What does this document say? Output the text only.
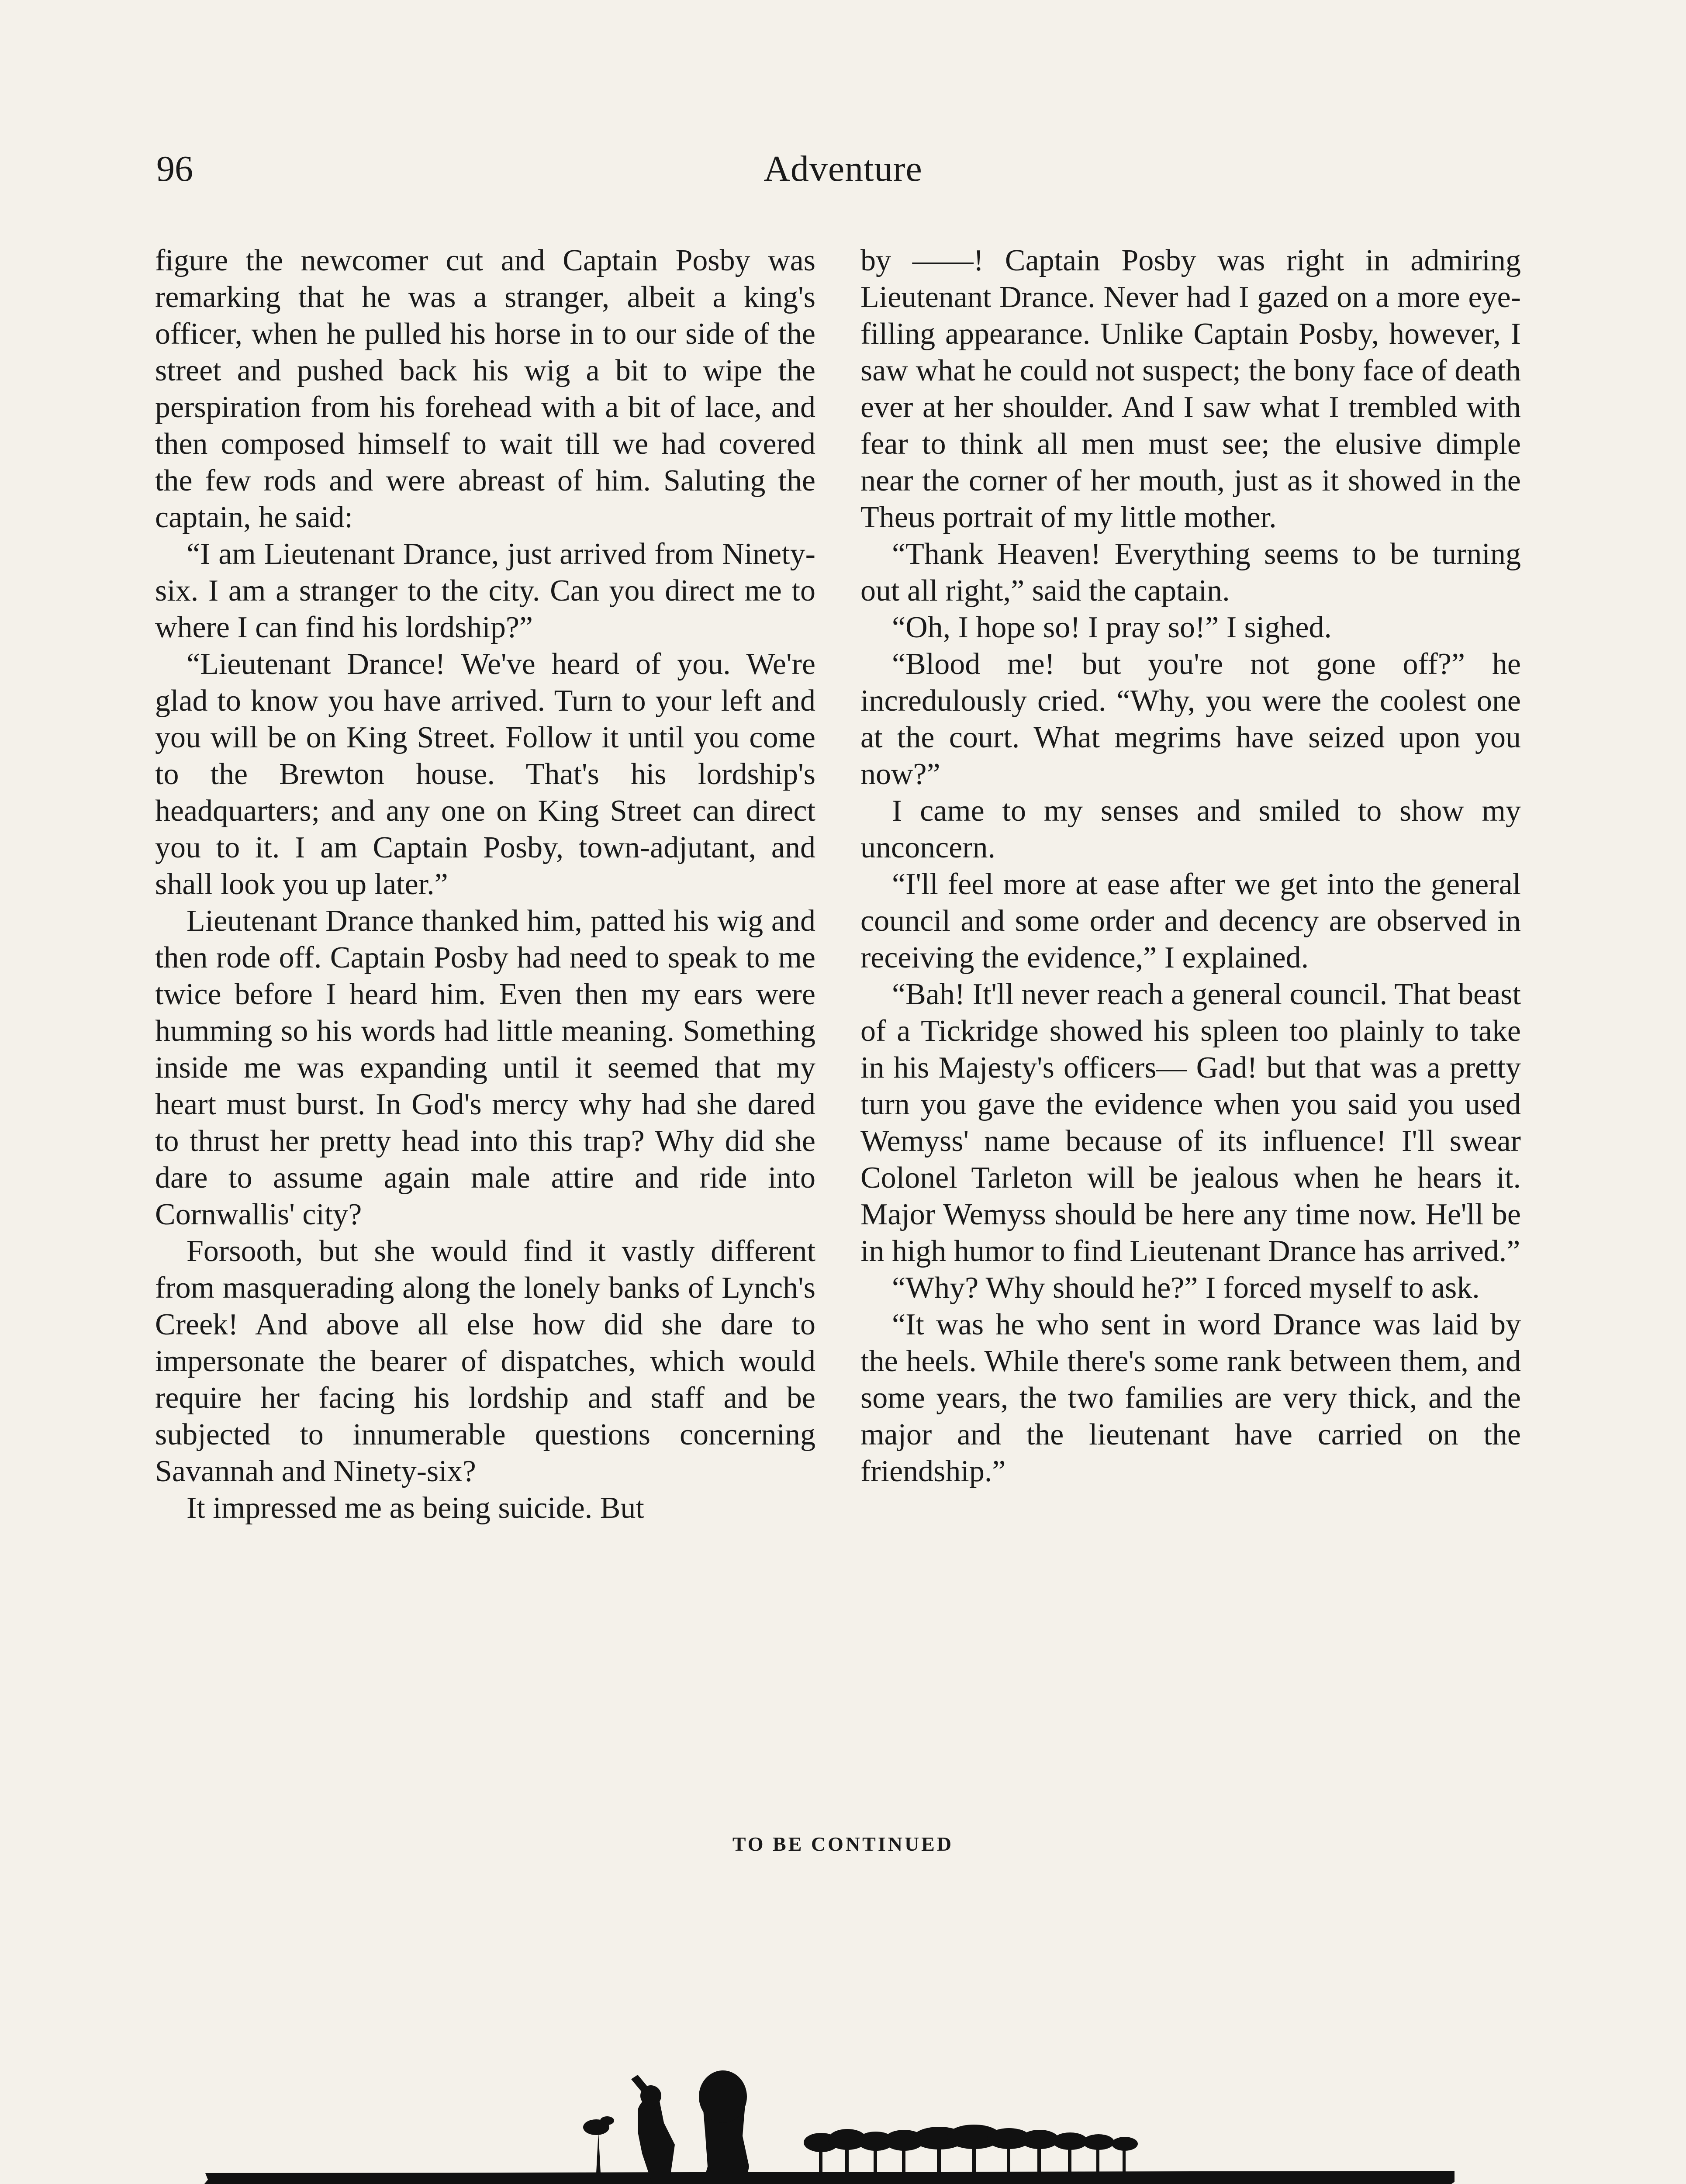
96	Adventure

figure the newcomer cut and Captain Posby was remarking that he was a stranger, albeit a king's officer, when he pulled his horse in to our side of the street and pushed back his wig a bit to wipe the perspiration from his forehead with a bit of lace, and then composed himself to wait till we had covered the few rods and were abreast of him. Saluting the captain, he said:

“I am Lieutenant Drance, just arrived from Ninety-six. I am a stranger to the city. Can you direct me to where I can find his lordship?”

“Lieutenant Drance! We've heard of you. We're glad to know you have arrived. Turn to your left and you will be on King Street. Follow it until you come to the Brewton house. That's his lordship's headquarters; and any one on King Street can direct you to it. I am Captain Posby, town-adjutant, and shall look you up later.”

Lieutenant Drance thanked him, patted his wig and then rode off. Captain Posby had need to speak to me twice before I heard him. Even then my ears were humming so his words had little meaning. Something inside me was expanding until it seemed that my heart must burst. In God's mercy why had she dared to thrust her pretty head into this trap? Why did she dare to assume again male attire and ride into Cornwallis' city?

Forsooth, but she would find it vastly different from masquerading along the lonely banks of Lynch's Creek! And above all else how did she dare to impersonate the bearer of dispatches, which would require her facing his lordship and staff and be subjected to innumerable questions concerning Savannah and Ninety-six?

It impressed me as being suicide. But

by ——! Captain Posby was right in admiring Lieutenant Drance. Never had I gazed on a more eye-filling appearance. Unlike Captain Posby, however, I saw what he could not suspect; the bony face of death ever at her shoulder. And I saw what I trembled with fear to think all men must see; the elusive dimple near the corner of her mouth, just as it showed in the Theus portrait of my little mother.

“Thank Heaven! Everything seems to be turning out all right,” said the captain.

“Oh, I hope so! I pray so!” I sighed.

“Blood me! but you're not gone off?” he incredulously cried. “Why, you were the coolest one at the court. What megrims have seized upon you now?”

I came to my senses and smiled to show my unconcern.

“I'll feel more at ease after we get into the general council and some order and decency are observed in receiving the evidence,” I explained.

“Bah! It'll never reach a general council. That beast of a Tickridge showed his spleen too plainly to take in his Majesty's officers— Gad! but that was a pretty turn you gave the evidence when you said you used Wemyss' name because of its influence! I'll swear Colonel Tarleton will be jealous when he hears it. Major Wemyss should be here any time now. He'll be in high humor to find Lieutenant Drance has arrived.”

“Why? Why should he?” I forced myself to ask.

“It was he who sent in word Drance was laid by the heels. While there's some rank between them, and some years, the two families are very thick, and the major and the lieutenant have carried on the friendship.”

TO BE CONTINUED
